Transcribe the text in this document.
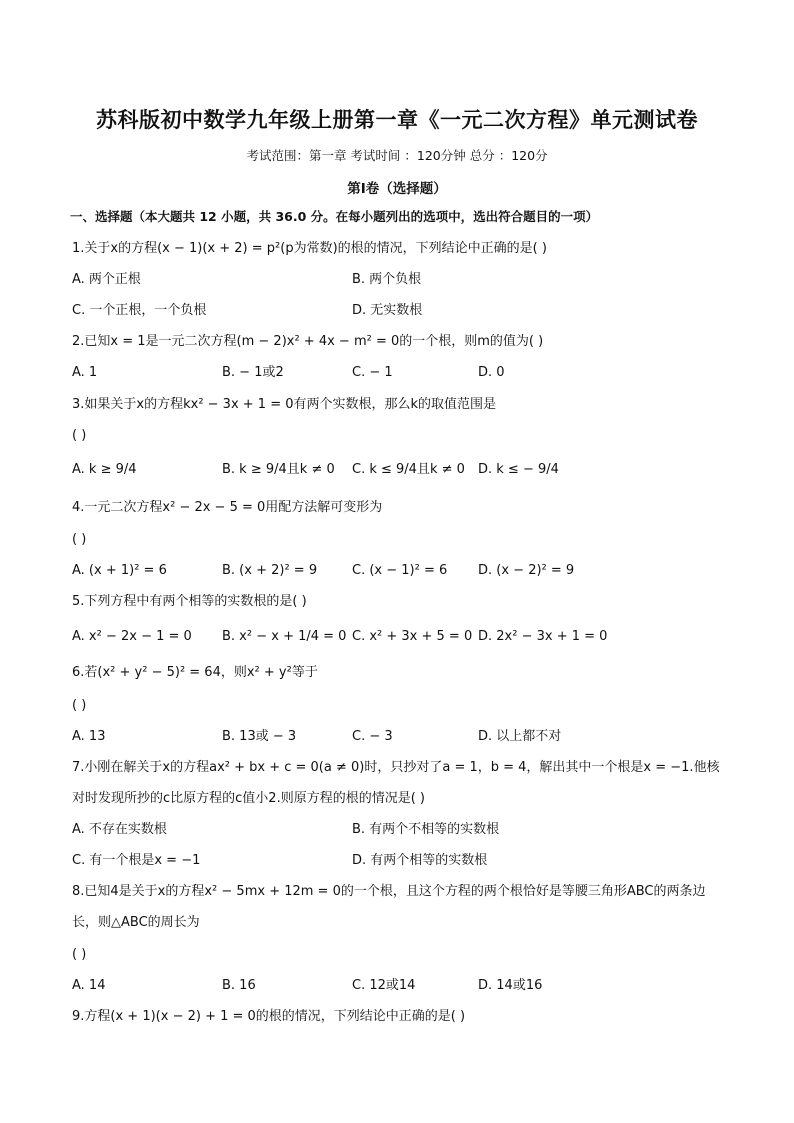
苏科版初中数学九年级上册第一章《一元二次方程》单元测试卷
考试范围：第一章 考试时间 ：120分钟 总分 ：120分
第Ⅰ卷（选择题）
一、选择题（本大题共 12 小题，共 36.0 分。在每小题列出的选项中，选出符合题目的一项）
1.关于x的方程(x − 1)(x + 2) = p²(p为常数)的根的情况，下列结论中正确的是( )
A. 两个正根	B. 两个负根
C. 一个正根，一个负根	D. 无实数根
2.已知x = 1是一元二次方程(m − 2)x² + 4x − m² = 0的一个根，则m的值为( )
A. 1	B. − 1或2	C. − 1	D. 0
3.如果关于x的方程kx² − 3x + 1 = 0有两个实数根，那么k的取值范围是
( )
A. k ≥ 9/4	B. k ≥ 9/4且k ≠ 0 C. k ≤ 9/4且k ≠ 0 D. k ≤ − 9/4
4.一元二次方程x² − 2x − 5 = 0用配方法解可变形为
( )
A. (x + 1)² = 6	B. (x + 2)² = 9	C. (x − 1)² = 6 D. (x − 2)² = 9
5.下列方程中有两个相等的实数根的是( )
A. x² − 2x − 1 = 0 B. x² − x + 1/4 = 0 C. x² + 3x + 5 = 0 D. 2x² − 3x + 1 = 0
6.若(x² + y² − 5)² = 64，则x² + y²等于
( )
A. 13	B. 13或 − 3	C. − 3	D. 以上都不对
7.小刚在解关于x的方程ax² + bx + c = 0(a ≠ 0)时，只抄对了a = 1，b = 4，解出其中一个根是x = −1.他核
对时发现所抄的c比原方程的c值小2.则原方程的根的情况是( )
A. 不存在实数根	B. 有两个不相等的实数根
C. 有一个根是x = −1	D. 有两个相等的实数根
8.已知4是关于x的方程x² − 5mx + 12m = 0的一个根，且这个方程的两个根恰好是等腰三角形ABC的两条边
长，则△ABC的周长为
( )
A. 14	B. 16	C. 12或14	D. 14或16
9.方程(x + 1)(x − 2) + 1 = 0的根的情况，下列结论中正确的是( )
